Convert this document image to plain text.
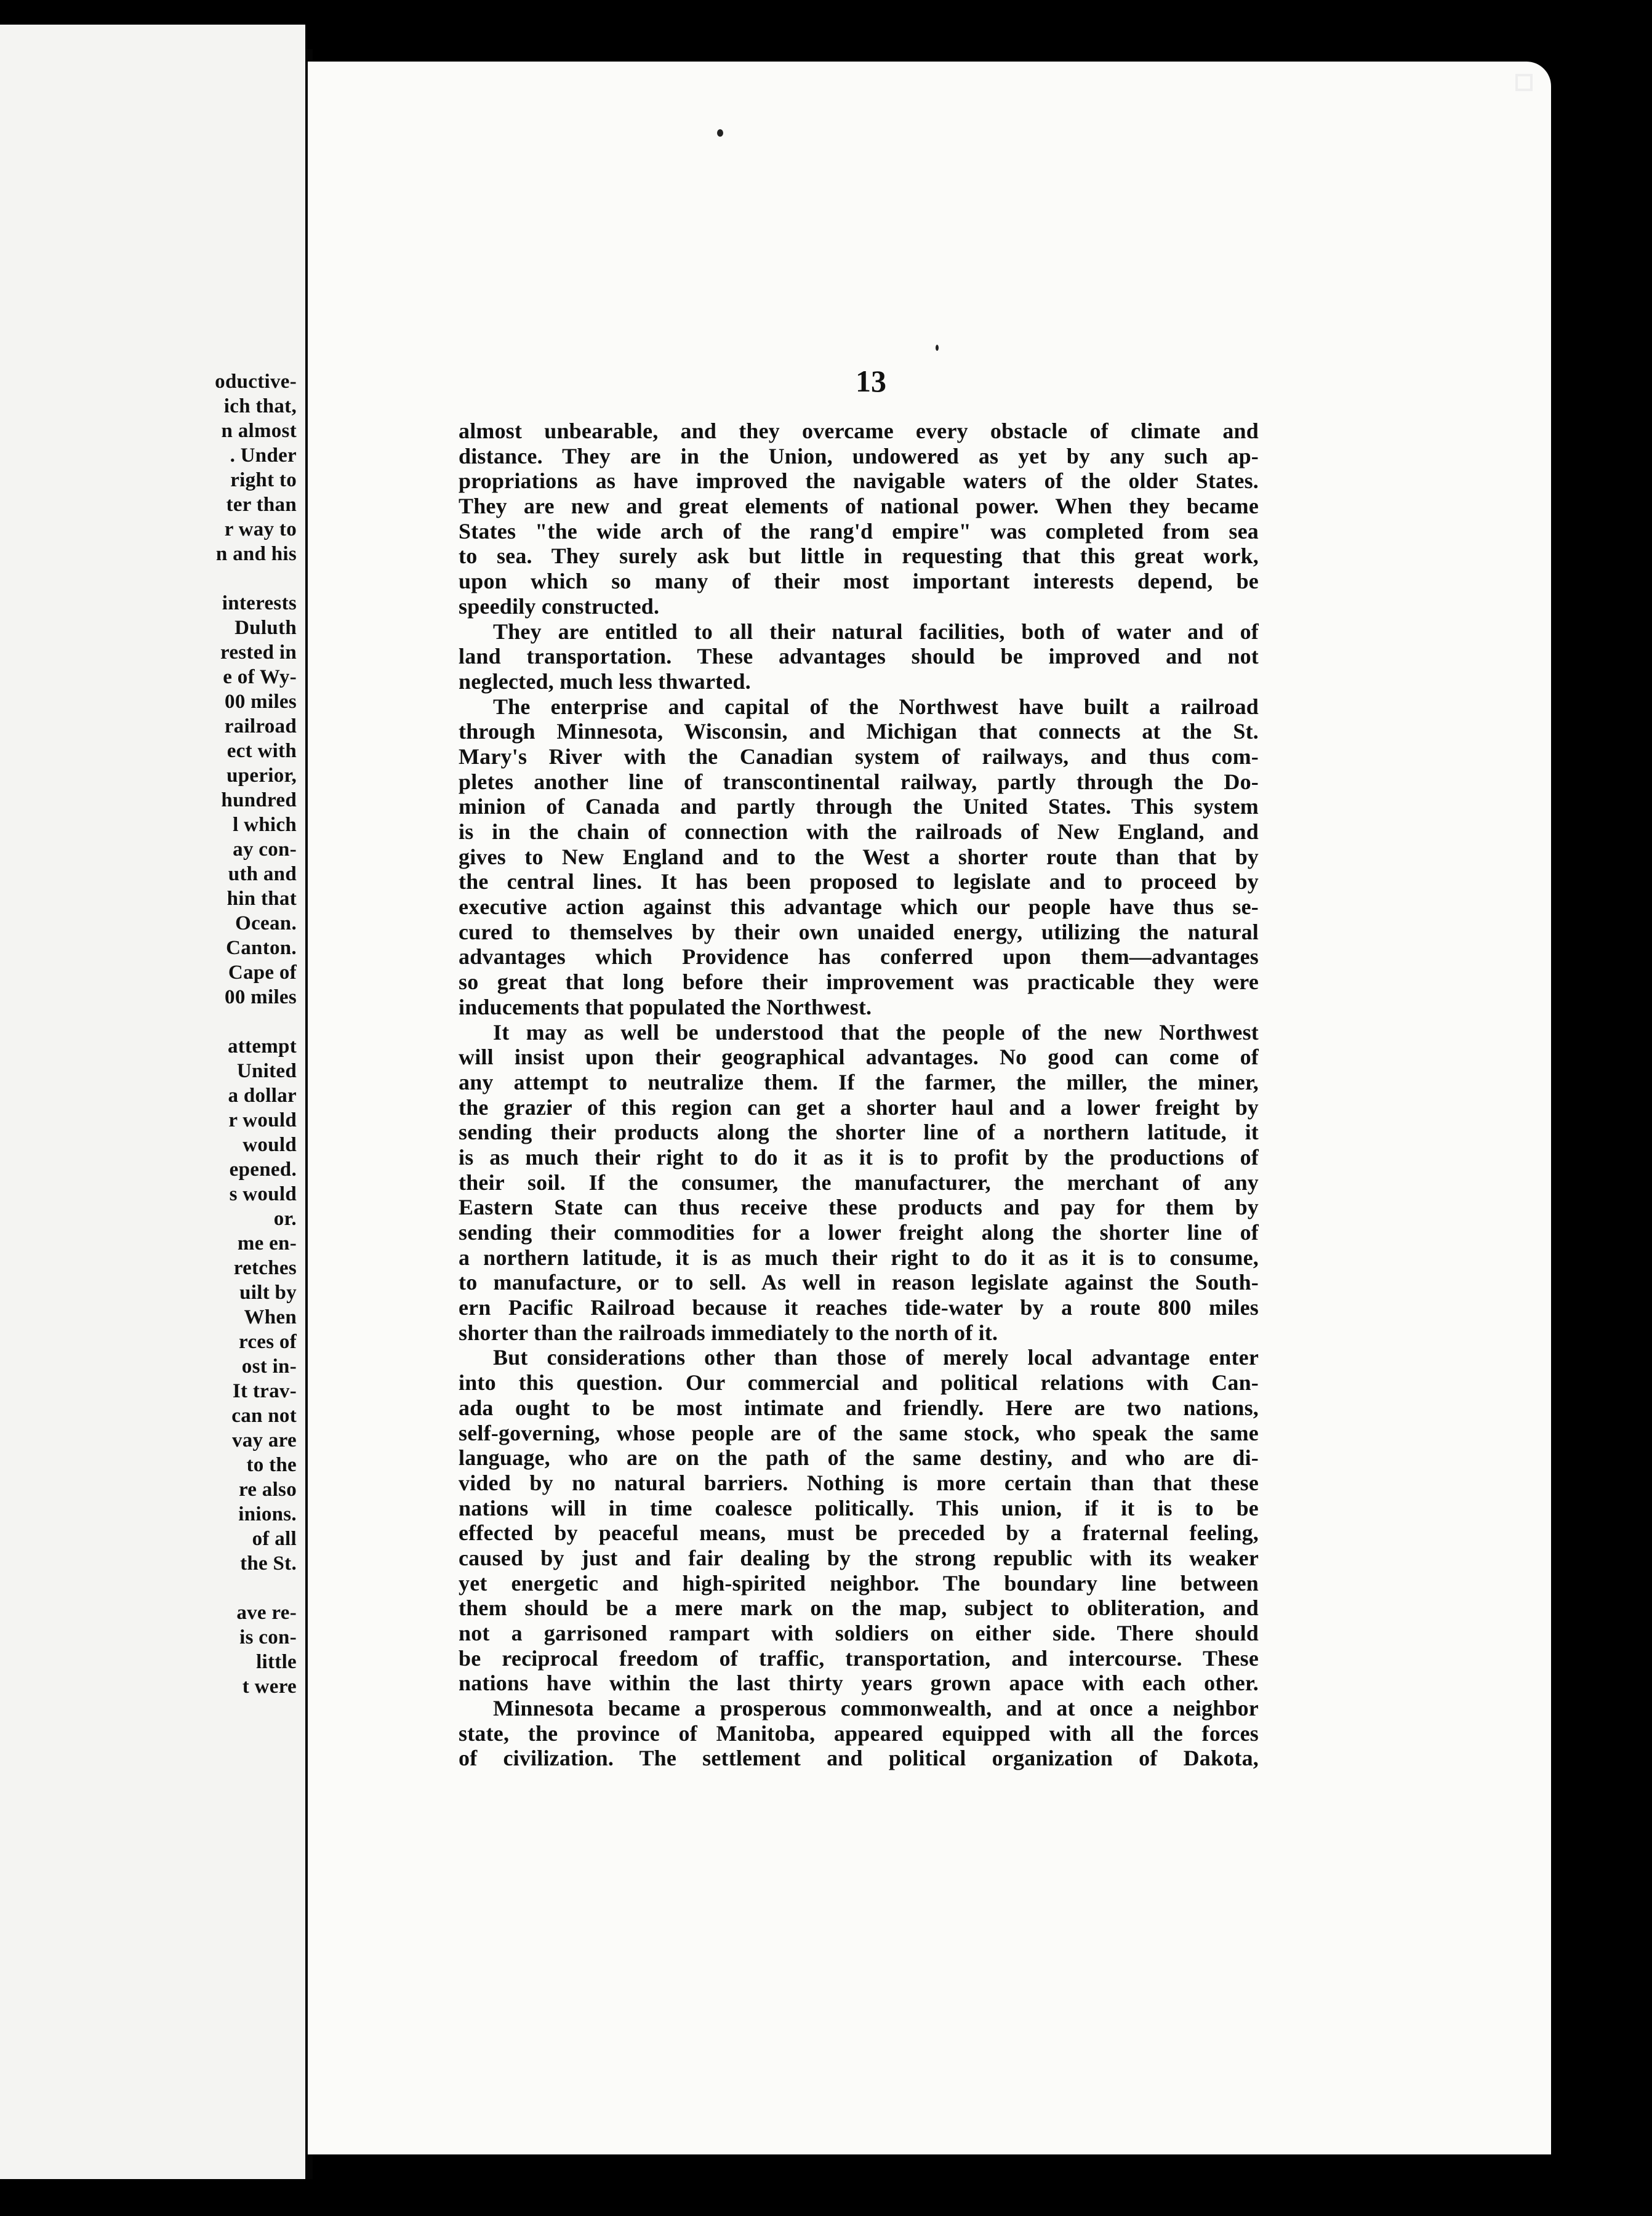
oductive-
ich that,
n almost
. Under
right to
ter than
r way to
n and his
interests
Duluth
rested in
e of Wy-
00 miles
railroad
ect with
uperior,
hundred
l which
ay con-
uth and
hin that
Ocean.
Canton.
Cape of
00 miles
attempt
United
a dollar
r would
would
epened.
s would
or.
me en-
retches
uilt by
When
rces of
ost in-
It trav-
can not
vay are
to the
re also
inions.
of all
the St.
ave re-
is con-
little
t were
13
almost unbearable, and they overcame every obstacle of climate and
distance. They are in the Union, undowered as yet by any such ap-
propriations as have improved the navigable waters of the older States.
They are new and great elements of national power. When they became
States "the wide arch of the rang'd empire" was completed from sea
to sea. They surely ask but little in requesting that this great work,
upon which so many of their most important interests depend, be
speedily constructed.
They are entitled to all their natural facilities, both of water and of
land transportation. These advantages should be improved and not
neglected, much less thwarted.
The enterprise and capital of the Northwest have built a railroad
through Minnesota, Wisconsin, and Michigan that connects at the St.
Mary's River with the Canadian system of railways, and thus com-
pletes another line of transcontinental railway, partly through the Do-
minion of Canada and partly through the United States. This system
is in the chain of connection with the railroads of New England, and
gives to New England and to the West a shorter route than that by
the central lines. It has been proposed to legislate and to proceed by
executive action against this advantage which our people have thus se-
cured to themselves by their own unaided energy, utilizing the natural
advantages which Providence has conferred upon them—advantages
so great that long before their improvement was practicable they were
inducements that populated the Northwest.
It may as well be understood that the people of the new Northwest
will insist upon their geographical advantages. No good can come of
any attempt to neutralize them. If the farmer, the miller, the miner,
the grazier of this region can get a shorter haul and a lower freight by
sending their products along the shorter line of a northern latitude, it
is as much their right to do it as it is to profit by the productions of
their soil. If the consumer, the manufacturer, the merchant of any
Eastern State can thus receive these products and pay for them by
sending their commodities for a lower freight along the shorter line of
a northern latitude, it is as much their right to do it as it is to consume,
to manufacture, or to sell. As well in reason legislate against the South-
ern Pacific Railroad because it reaches tide-water by a route 800 miles
shorter than the railroads immediately to the north of it.
But considerations other than those of merely local advantage enter
into this question. Our commercial and political relations with Can-
ada ought to be most intimate and friendly. Here are two nations,
self-governing, whose people are of the same stock, who speak the same
language, who are on the path of the same destiny, and who are di-
vided by no natural barriers. Nothing is more certain than that these
nations will in time coalesce politically. This union, if it is to be
effected by peaceful means, must be preceded by a fraternal feeling,
caused by just and fair dealing by the strong republic with its weaker
yet energetic and high-spirited neighbor. The boundary line between
them should be a mere mark on the map, subject to obliteration, and
not a garrisoned rampart with soldiers on either side. There should
be reciprocal freedom of traffic, transportation, and intercourse. These
nations have within the last thirty years grown apace with each other.
Minnesota became a prosperous commonwealth, and at once a neighbor
state, the province of Manitoba, appeared equipped with all the forces
of civilization. The settlement and political organization of Dakota,
